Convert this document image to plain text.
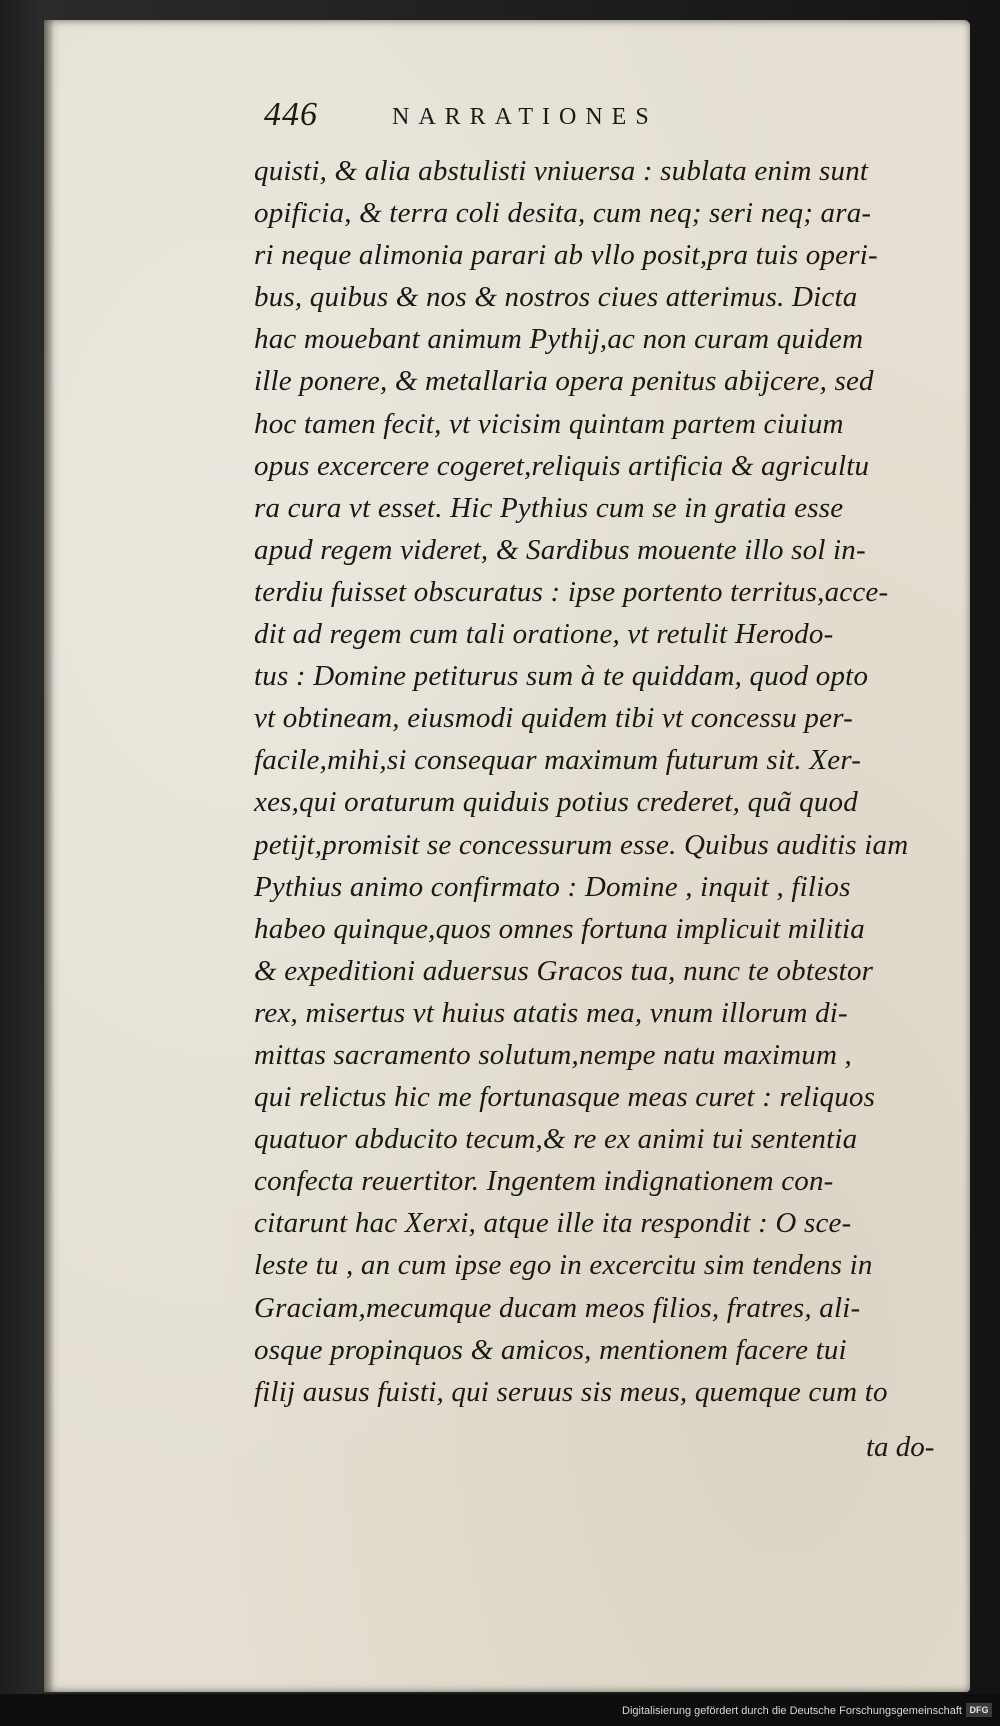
446	NARRATIONES
quisti, & alia abstulisti vniuersa : sublata enim sunt
opificia, & terra coli desita, cum neq; seri neq; ara-
ri neque alimonia parari ab vllo posit,pra tuis operi-
bus, quibus & nos & nostros ciues atterimus. Dicta
hac mouebant animum Pythij,ac non curam quidem
ille ponere, & metallaria opera penitus abijcere, sed
hoc tamen fecit, vt vicisim quintam partem ciuium
opus excercere cogeret,reliquis artificia & agricultu
ra cura vt esset. Hic Pythius cum se in gratia esse
apud regem videret, & Sardibus mouente illo sol in-
terdiu fuisset obscuratus : ipse portento territus,acce-
dit ad regem cum tali oratione, vt retulit Herodo-
tus : Domine petiturus sum à te quiddam, quod opto
vt obtineam, eiusmodi quidem tibi vt concessu per-
facile,mihi,si consequar maximum futurum sit. Xer-
xes,qui oraturum quiduis potius crederet, quã quod
petijt,promisit se concessurum esse. Quibus auditis iam
Pythius animo confirmato : Domine , inquit , filios
habeo quinque,quos omnes fortuna implicuit militia
& expeditioni aduersus Gracos tua, nunc te obtestor
rex, misertus vt huius atatis mea, vnum illorum di-
mittas sacramento solutum,nempe natu maximum ,
qui relictus hic me fortunasque meas curet : reliquos
quatuor abducito tecum,& re ex animi tui sententia
confecta reuertitor. Ingentem indignationem con-
citarunt hac Xerxi, atque ille ita respondit : O sce-
leste tu , an cum ipse ego in excercitu sim tendens in
Graciam,mecumque ducam meos filios, fratres, ali-
osque propinquos & amicos, mentionem facere tui
filij ausus fuisti, qui seruus sis meus, quemque cum to
ta do-
Digitalisierung gefördert durch die Deutsche Forschungsgemeinschaft DFG
